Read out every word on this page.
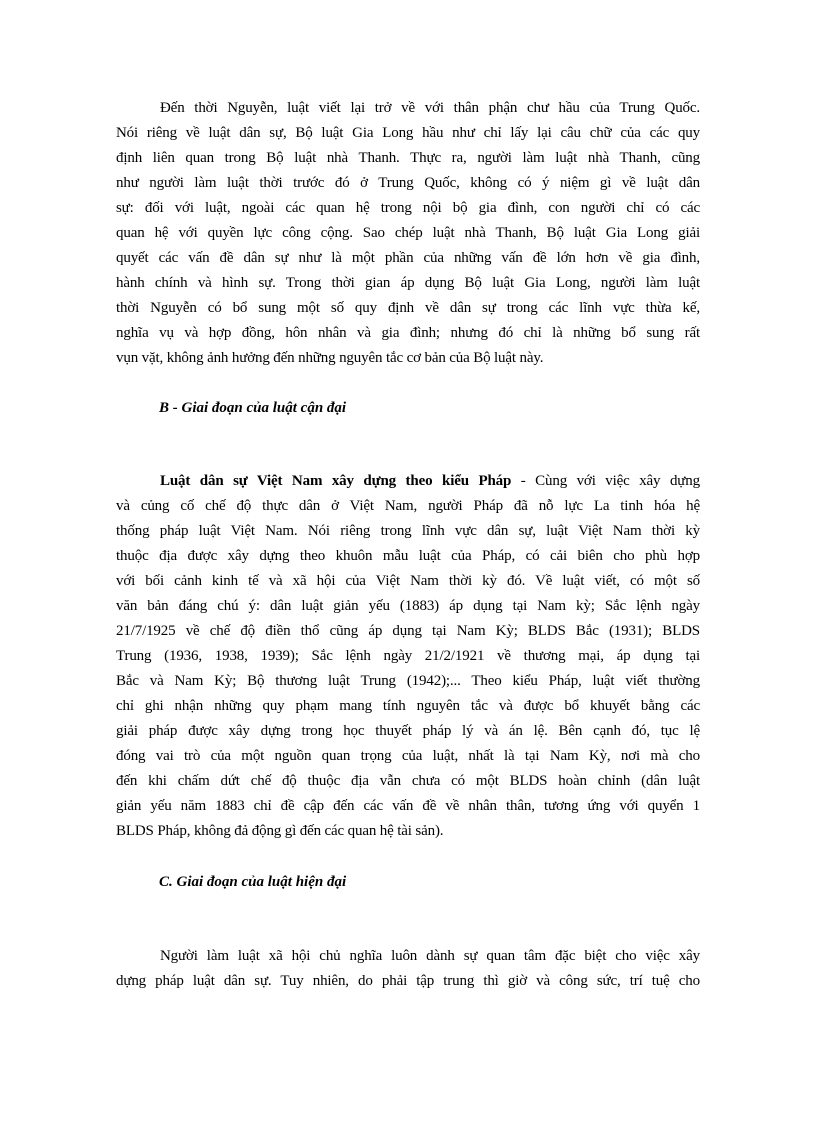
Đến thời Nguyễn, luật viết lại trở về với thân phận chư hầu của Trung Quốc.
Nói riêng về luật dân sự, Bộ luật Gia Long hầu như chỉ lấy lại câu chữ của các quy
định liên quan trong Bộ luật nhà Thanh. Thực ra, người làm luật nhà Thanh, cũng
như người làm luật thời trước đó ở Trung Quốc, không có ý niệm gì về luật dân
sự: đối với luật, ngoài các quan hệ trong nội bộ gia đình, con người chỉ có các
quan hệ với quyền lực công cộng. Sao chép luật nhà Thanh, Bộ luật Gia Long giải
quyết các vấn đề dân sự như là một phần của những vấn đề lớn hơn về gia đình,
hành chính và hình sự. Trong thời gian áp dụng Bộ luật Gia Long, người làm luật
thời Nguyễn có bổ sung một số quy định về dân sự trong các lĩnh vực thừa kế,
nghĩa vụ và hợp đồng, hôn nhân và gia đình; nhưng đó chỉ là những bổ sung rất
vụn vặt, không ảnh hưởng đến những nguyên tắc cơ bản của Bộ luật này.
B - Giai đoạn của luật cận đại
Luật dân sự Việt Nam xây dựng theo kiểu Pháp - Cùng với việc xây dựng
và củng cố chế độ thực dân ở Việt Nam, người Pháp đã nỗ lực La tinh hóa hệ
thống pháp luật Việt Nam. Nói riêng trong lĩnh vực dân sự, luật Việt Nam thời kỳ
thuộc địa được xây dựng theo khuôn mẫu luật của Pháp, có cải biên cho phù hợp
với bối cảnh kinh tế và xã hội của Việt Nam thời kỳ đó. Về luật viết, có một số
văn bản đáng chú ý: dân luật giản yếu (1883) áp dụng tại Nam kỳ; Sắc lệnh ngày
21/7/1925 về chế độ điền thổ cũng áp dụng tại Nam Kỳ; BLDS Bắc (1931); BLDS
Trung (1936, 1938, 1939); Sắc lệnh ngày 21/2/1921 về thương mại, áp dụng tại
Bắc và Nam Kỳ; Bộ thương luật Trung (1942);... Theo kiểu Pháp, luật viết thường
chỉ ghi nhận những quy phạm mang tính nguyên tắc và được bổ khuyết bằng các
giải pháp được xây dựng trong học thuyết pháp lý và án lệ. Bên cạnh đó, tục lệ
đóng vai trò của một nguồn quan trọng của luật, nhất là tại Nam Kỳ, nơi mà cho
đến khi chấm dứt chế độ thuộc địa vẫn chưa có một BLDS hoàn chỉnh (dân luật
giản yếu năm 1883 chỉ đề cập đến các vấn đề về nhân thân, tương ứng với quyển 1
BLDS Pháp, không đả động gì đến các quan hệ tài sản).
C. Giai đoạn của luật hiện đại
Người làm luật xã hội chủ nghĩa luôn dành sự quan tâm đặc biệt cho việc xây
dựng pháp luật dân sự. Tuy nhiên, do phải tập trung thì giờ và công sức, trí tuệ cho
